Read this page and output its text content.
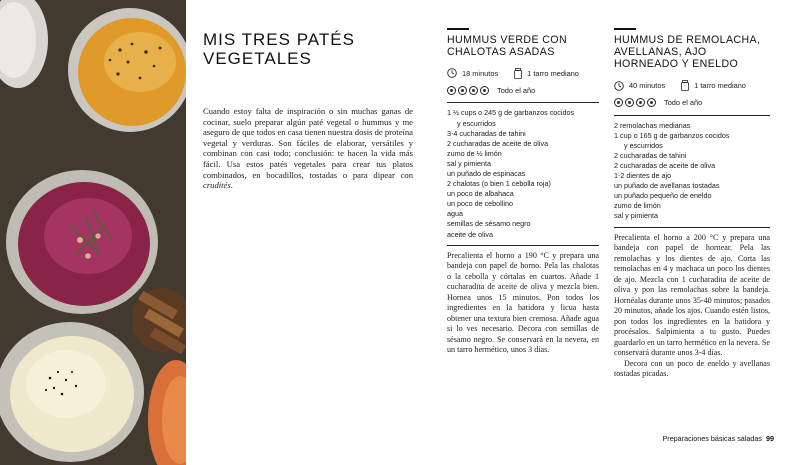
MIS TRES PATÉS
VEGETALES
Cuando estoy falta de inspiración o sin muchas ganas de cocinar, suelo preparar algún paté vegetal o hummus y me aseguro de que todos en casa tienen nuestra dosis de proteína vegetal y verduras. Son fáciles de elaborar, versátiles y combinan con casi todo; conclusión: te hacen la vida más fácil. Usa estos patés vegetales para crear tus platos combinados, en bocadillos, tostadas o para dipear con crudités.
HUMMUS VERDE CON
CHALOTAS ASADAS
18 minutos	1 tarro mediano
Todo el año
1 ½ cups o 245 g de garbanzos cocidos
y escurridos
3-4 cucharadas de tahini
2 cucharadas de aceite de oliva
zumo de ½ limón
sal y pimienta
un puñado de espinacas
2 chalotas (o bien 1 cebolla roja)
un poco de albahaca
un poco de cebollino
agua
semillas de sésamo negro
aceite de oliva

Precalienta el horno a 190 °C y prepara una bandeja con papel de horno. Pela las chalotas o la cebolla y córtalas en cuartos. Añade 1 cucharadita de aceite de oliva y mezcla bien. Hornea unos 15 minutos. Pon todos los ingredientes en la batidora y licua hasta obtener una textura bien cremosa. Añade agua si lo ves necesario. Decora con semillas de sésamo negro. Se conservará en la nevera, en un tarro hermético, unos 3 días.

HUMMUS DE REMOLACHA,
AVELLANAS, AJO
HORNEADO Y ENELDO
40 minutos	1 tarro mediano
Todo el año
2 remolachas medianas
1 cup o 165 g de garbanzos cocidos
y escurridos
2 cucharadas de tahini
2 cucharadas de aceite de oliva
1-2 dientes de ajo
un puñado de avellanas tostadas
un puñado pequeño de eneldo
zumo de limón
sal y pimienta

Precalienta el horno a 200 °C y prepara una bandeja con papel de hornear. Pela las remolachas y los dientes de ajo. Corta las remolachas en 4 y machaca un poco los dientes de ajo. Mezcla con 1 cucharadita de aceite de oliva y pon las remolachas sobre la bandeja. Hornéalas durante unos 35-40 minutos; pasados 20 minutos, añade los ajos. Cuando estén listos, pon todos los ingredientes en la batidora y procésalos. Salpimienta a tu gusto. Puedes guardarlo en un tarro hermético en la nevera. Se conservará durante unos 3-4 días.

Decora con un poco de eneldo y avellanas tostadas picadas.

Preparaciones básicas saladas 99
